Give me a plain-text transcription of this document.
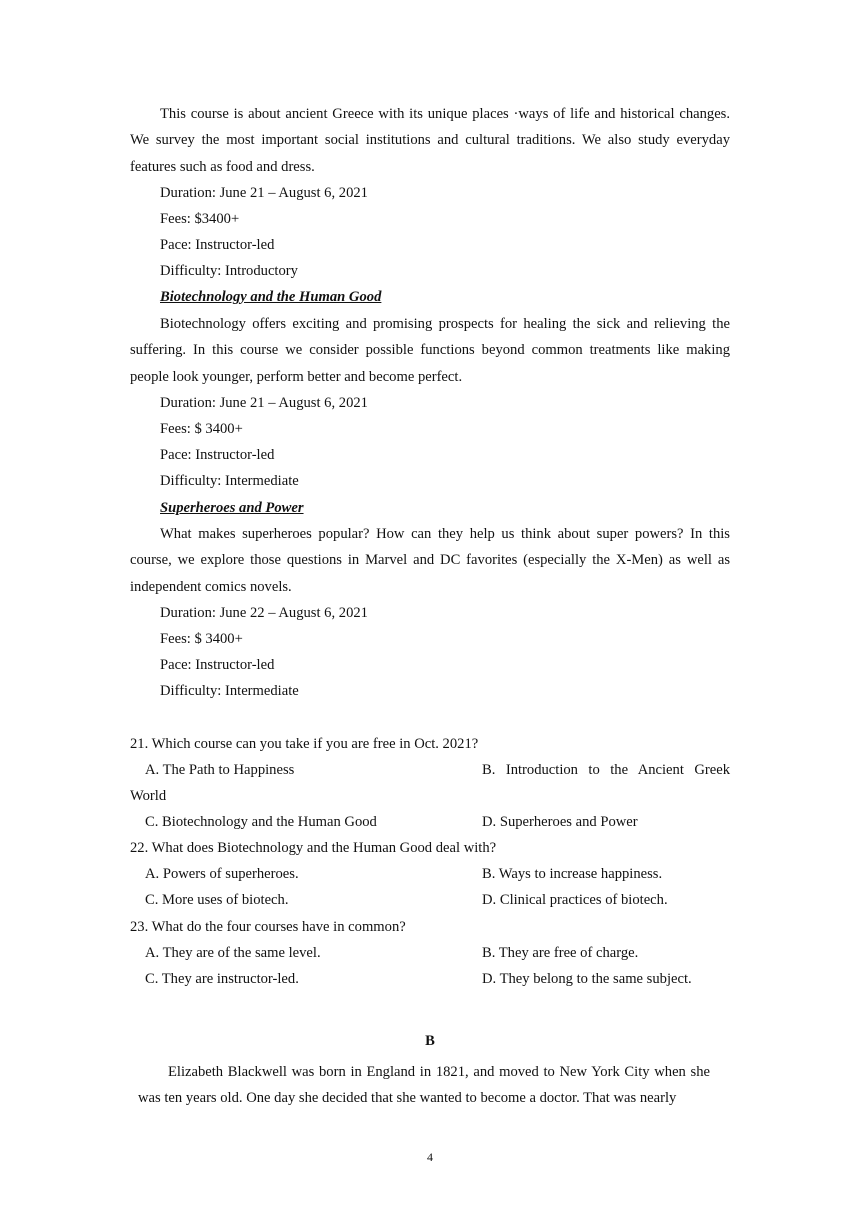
This course is about ancient Greece with its unique places ·ways of life and historical changes. We survey the most important social institutions and cultural traditions. We also study everyday features such as food and dress.

Duration: June 21 – August 6, 2021

Fees: $3400+

Pace: Instructor-led

Difficulty: Introductory

Biotechnology and the Human Good

Biotechnology offers exciting and promising prospects for healing the sick and relieving the suffering. In this course we consider possible functions beyond common treatments like making people look younger, perform better and become perfect.

Duration: June 21 – August 6, 2021

Fees: $ 3400+

Pace: Instructor-led

Difficulty: Intermediate

Superheroes and Power

What makes superheroes popular? How can they help us think about super powers? In this course, we explore those questions in Marvel and DC favorites (especially the X-Men) as well as independent comics novels.

Duration: June 22 – August 6, 2021

Fees: $ 3400+

Pace: Instructor-led

Difficulty: Intermediate

21. Which course can you take if you are free in Oct. 2021?

A. The Path to Happiness	B. Introduction to the Ancient Greek

World

C. Biotechnology and the Human Good	D. Superheroes and Power

22. What does Biotechnology and the Human Good deal with?

A. Powers of superheroes.	B. Ways to increase happiness.

C. More uses of biotech.	D. Clinical practices of biotech.

23. What do the four courses have in common?

A. They are of the same level.	B. They are free of charge.

C. They are instructor-led.	D. They belong to the same subject.

B

Elizabeth Blackwell was born in England in 1821, and moved to New York City when she was ten years old. One day she decided that she wanted to become a doctor. That was nearly

4
